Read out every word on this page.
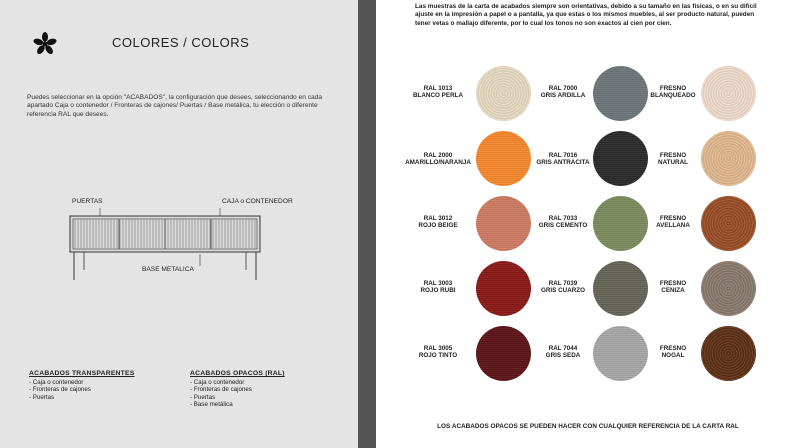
COLORES / COLORS

Puedes seleccionar en la opción "ACABADOS", la configuración que desees, seleccionando en cada apartado Caja o contenedor / Fronteras de cajones/ Puertas / Base metálica, tu elección o diferente referencia RAL que desees.

PUERTAS	CAJA o CONTENEDOR
BASE METALICA
ACABADOS TRANSPARENTES
- Caja o contenedor
- Fronteras de cajones
- Puertas
ACABADOS OPACOS (RAL)
- Caja o contenedor
- Fronteras de cajones
- Puertas
- Base metálica

Las muestras de la carta de acabados siempre son orientativas, debido a su tamaño en las físicas, o en su difícil ajuste en la impresión a papel o a pantalla, ya que estas o los mismos muebles, al ser producto natural, pueden tener vetas o mallajo diferente, por lo cual los tonos no son exactos al cien por cien.

RAL 1013
BLANCO PERLA
RAL 7000
GRIS ARDILLA
FRESNO
BLANQUEADO
RAL 2000
AMARILLO/NARANJA
RAL 7016
GRIS ANTRACITA
FRESNO
NATURAL
RAL 3012
ROJO BEIGE
RAL 7033
GRIS CEMENTO
FRESNO
AVELLANA
RAL 3003
ROJO RUBI
RAL 7039
GRIS CUARZO
FRESNO
CENIZA
RAL 3005
ROJO TINTO
RAL 7044
GRIS SEDA
FRESNO
NOGAL
LOS ACABADOS OPACOS SE PUEDEN HACER CON CUALQUIER REFERENCIA DE LA CARTA RAL
